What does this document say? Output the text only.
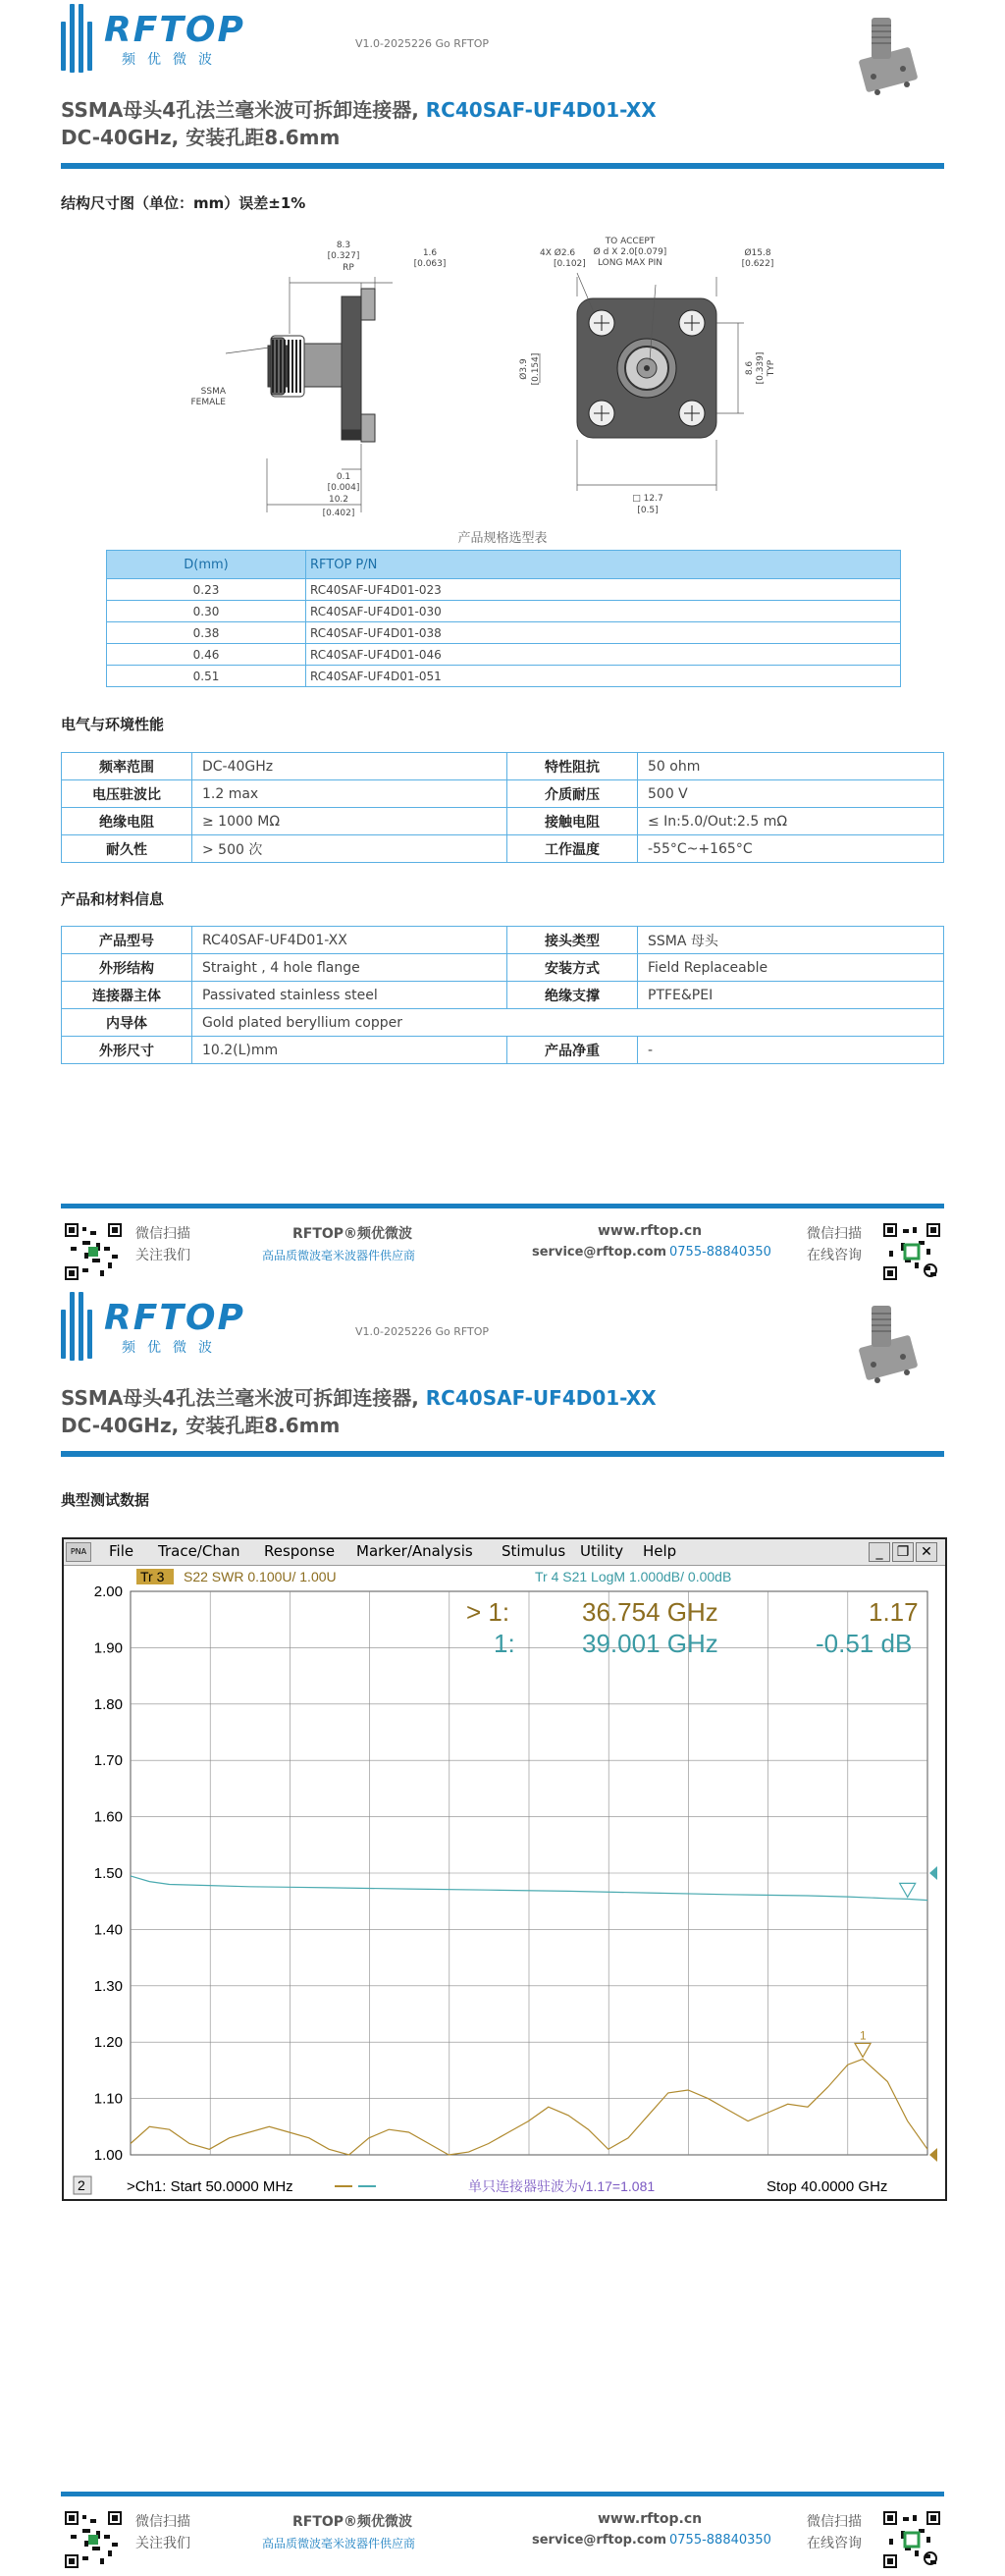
RFTOP
频优微波
V1.0-2025226 Go RFTOP
SSMA母头4孔法兰毫米波可拆卸连接器, RC40SAF-UF4D01-XX
DC-40GHz, 安装孔距8.6mm
结构尺寸图（单位：mm）误差±1%
8.3
[0.327]
RP
1.6
[0.063]
SSMA
FEMALE
0.1
[0.004]
10.2
[0.402]
4X Ø2.6
[0.102]
TO ACCEPT
Ø d X 2.0[0.079]
LONG MAX PIN
Ø15.8
[0.622]
Ø3.9 [0.154]	8.6 [0.339] TYP
□ 12.7
[0.5]
产品规格选型表
D(mm)	RFTOP P/N
0.23	RC40SAF-UF4D01-023
0.30	RC40SAF-UF4D01-030
0.38	RC40SAF-UF4D01-038
0.46	RC40SAF-UF4D01-046
0.51	RC40SAF-UF4D01-051
电气与环境性能
频率范围	DC-40GHz	特性阻抗	50 ohm
电压驻波比	1.2 max	介质耐压	500 V
绝缘电阻	≥ 1000 MΩ	接触电阻	≤ In:5.0/Out:2.5 mΩ
耐久性	> 500 次	工作温度	-55°C~+165°C
产品和材料信息
产品型号	RC40SAF-UF4D01-XX	接头类型	SSMA 母头
外形结构	Straight , 4 hole flange	安装方式	Field Replaceable
连接器主体	Passivated stainless steel	绝缘支撑	PTFE&PEI
内导体	Gold plated beryllium copper		
外形尺寸	10.2(L)mm	产品净重	-
微信扫描
关注我们
RFTOP®频优微波
高品质微波毫米波器件供应商
www.rftop.cn
service@rftop.com 0755-88840350
微信扫描
在线咨询
RFTOP
频优微波
V1.0-2025226 Go RFTOP
SSMA母头4孔法兰毫米波可拆卸连接器, RC40SAF-UF4D01-XX
DC-40GHz, 安装孔距8.6mm
典型测试数据
微信扫描
关注我们
RFTOP®频优微波
高品质微波毫米波器件供应商
www.rftop.cn
service@rftop.com 0755-88840350
微信扫描
在线咨询
PNA	File Trace/Chan Response Marker/Analysis Stimulus Utility Help	_	❐ ✕
Tr 3 S22 SWR 0.100U/ 1.00U	Tr 4 S21 LogM 1.000dB/ 0.00dB
2.00
1.90
1.80
1.70
1.60
1.50
1.40
1.30
1.20
1.10
1.00
> 1:	36.754 GHz	1.17
1:	39.001 GHz	-0.51 dB
1
2	>Ch1: Start 50.0000 MHz	单只连接器驻波为√1.17=1.081	Stop 40.0000 GHz
